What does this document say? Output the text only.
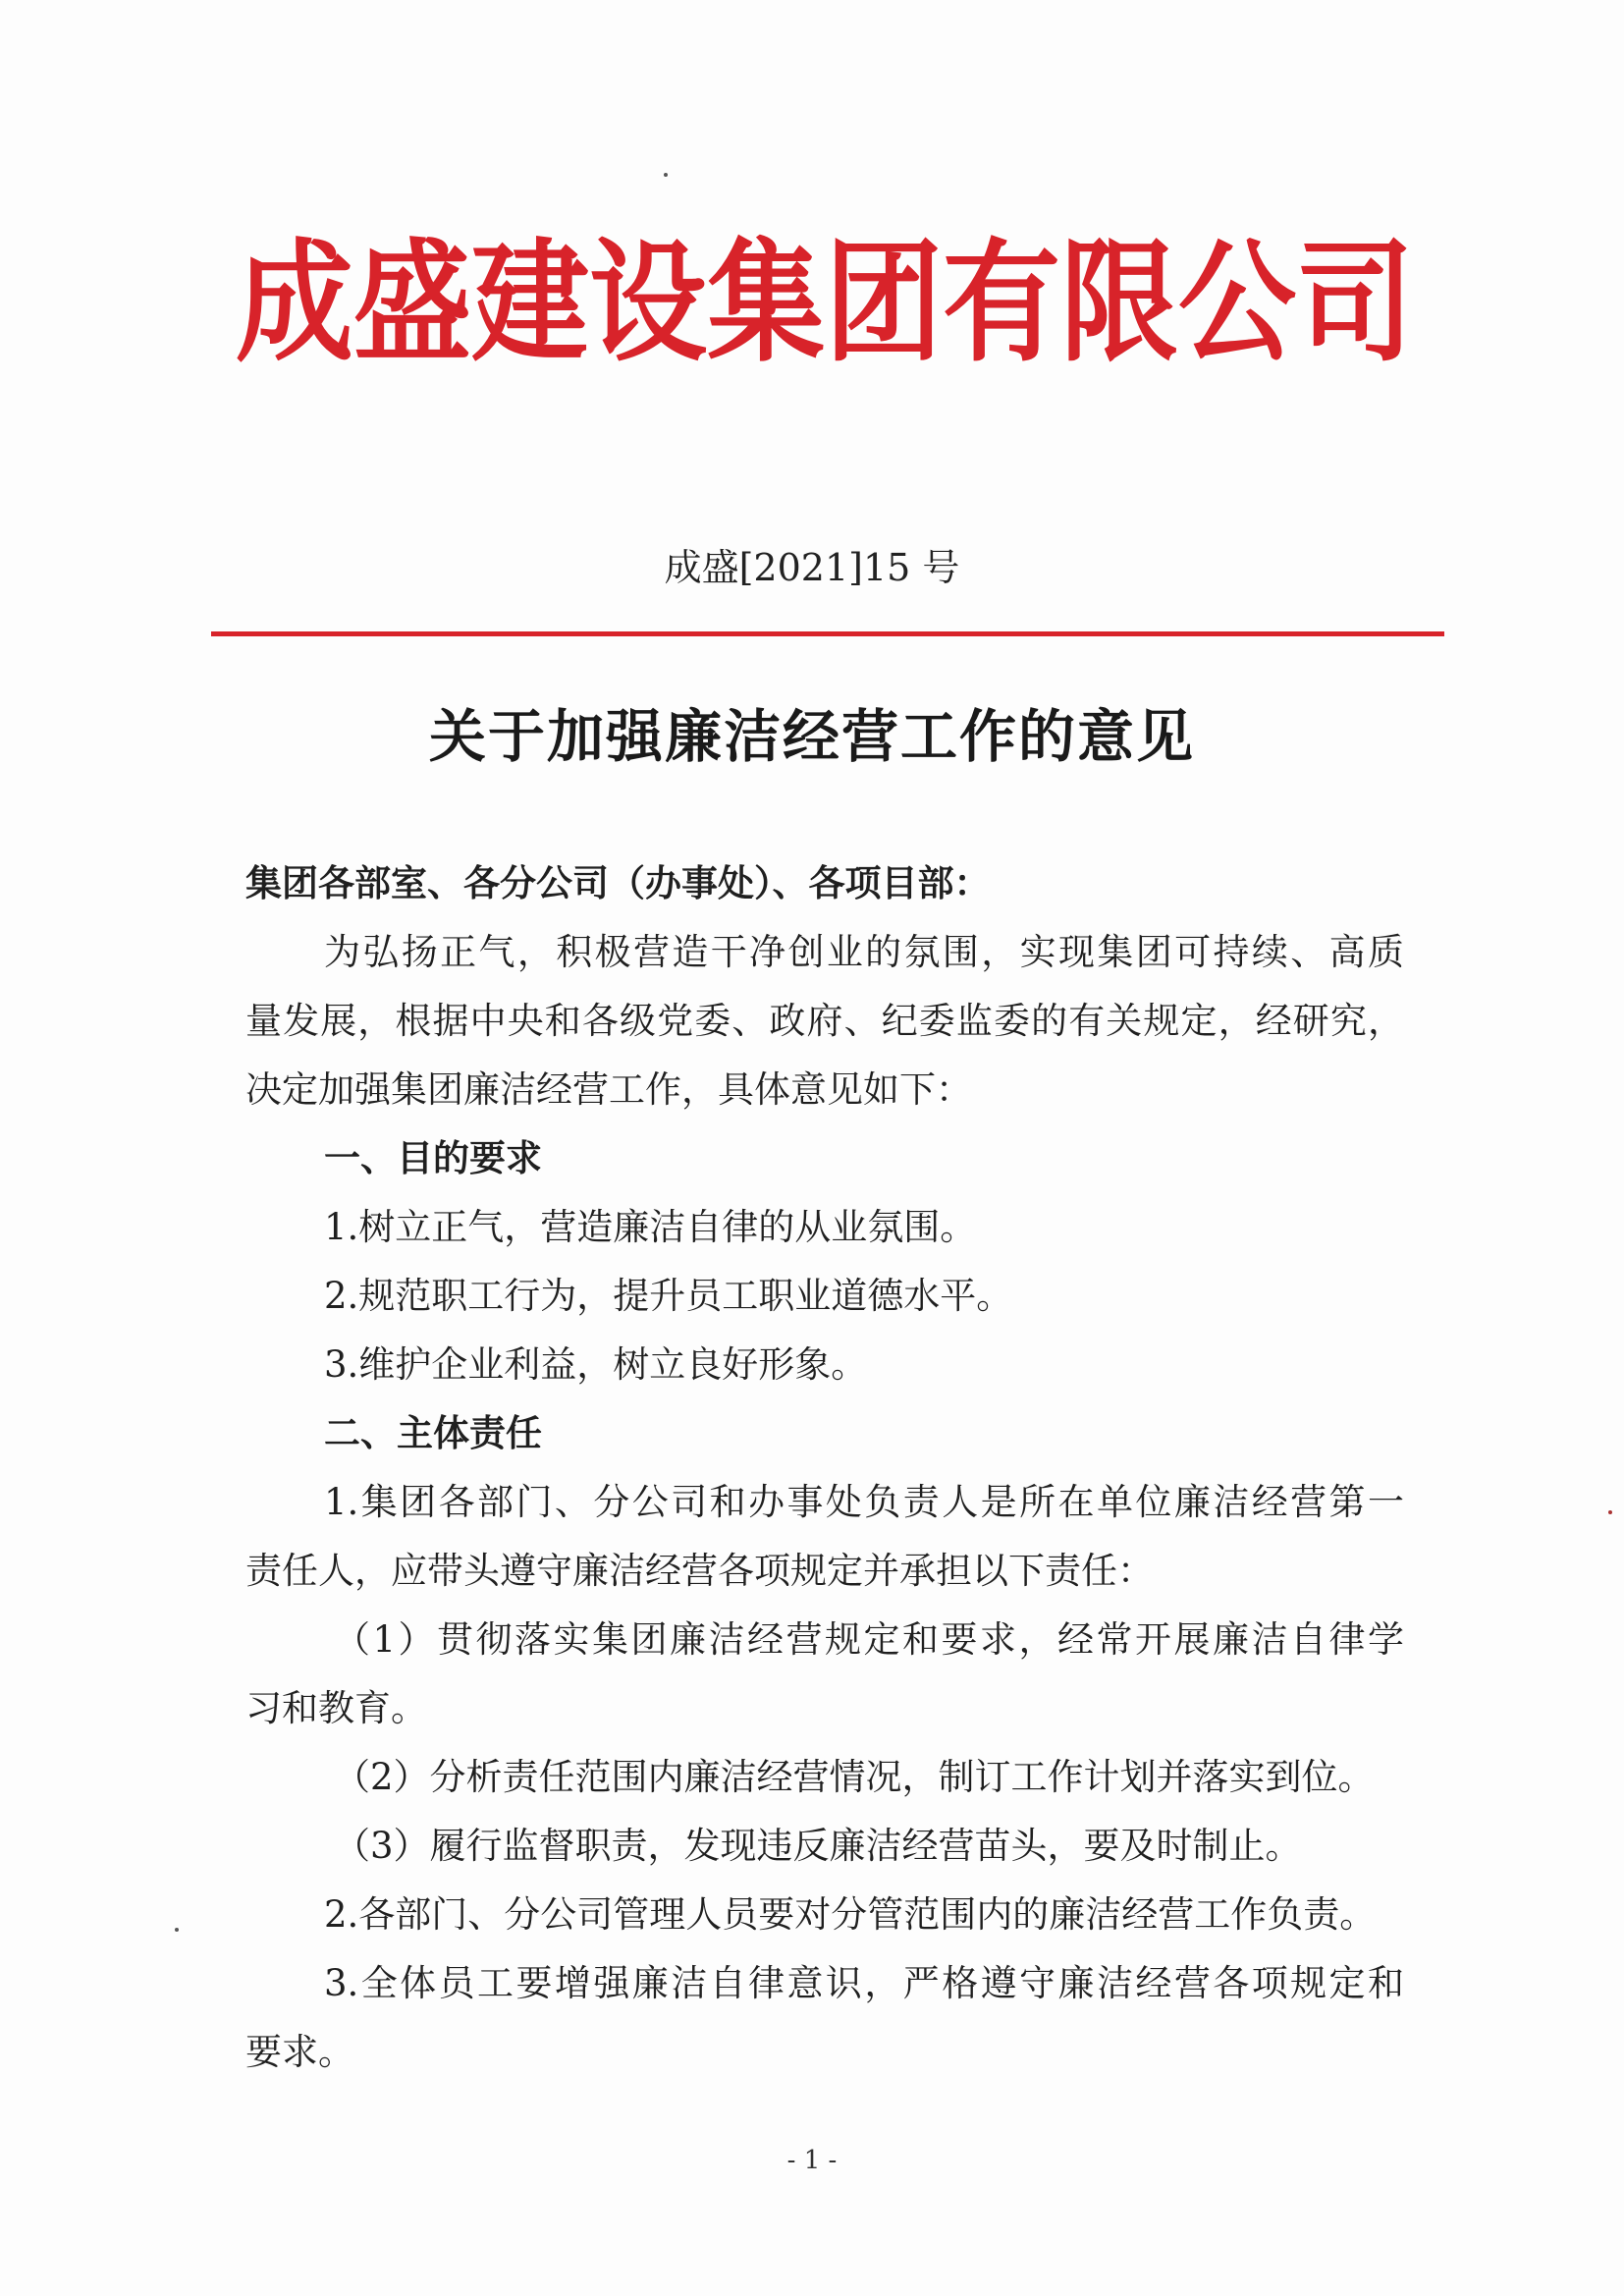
成盛建设集团有限公司
成盛[2021]15 号
关于加强廉洁经营工作的意见
集团各部室、各分公司（办事处）、各项目部：
为弘扬正气，积极营造干净创业的氛围，实现集团可持续、高质
量发展，根据中央和各级党委、政府、纪委监委的有关规定，经研究，
决定加强集团廉洁经营工作，具体意见如下：
一、目的要求
1.树立正气，营造廉洁自律的从业氛围。
2.规范职工行为，提升员工职业道德水平。
3.维护企业利益，树立良好形象。
二、主体责任
1.集团各部门、分公司和办事处负责人是所在单位廉洁经营第一
责任人，应带头遵守廉洁经营各项规定并承担以下责任：
（1）贯彻落实集团廉洁经营规定和要求，经常开展廉洁自律学
习和教育。
（2）分析责任范围内廉洁经营情况，制订工作计划并落实到位。
（3）履行监督职责，发现违反廉洁经营苗头，要及时制止。
2.各部门、分公司管理人员要对分管范围内的廉洁经营工作负责。
3.全体员工要增强廉洁自律意识，严格遵守廉洁经营各项规定和
要求。
- 1 -
